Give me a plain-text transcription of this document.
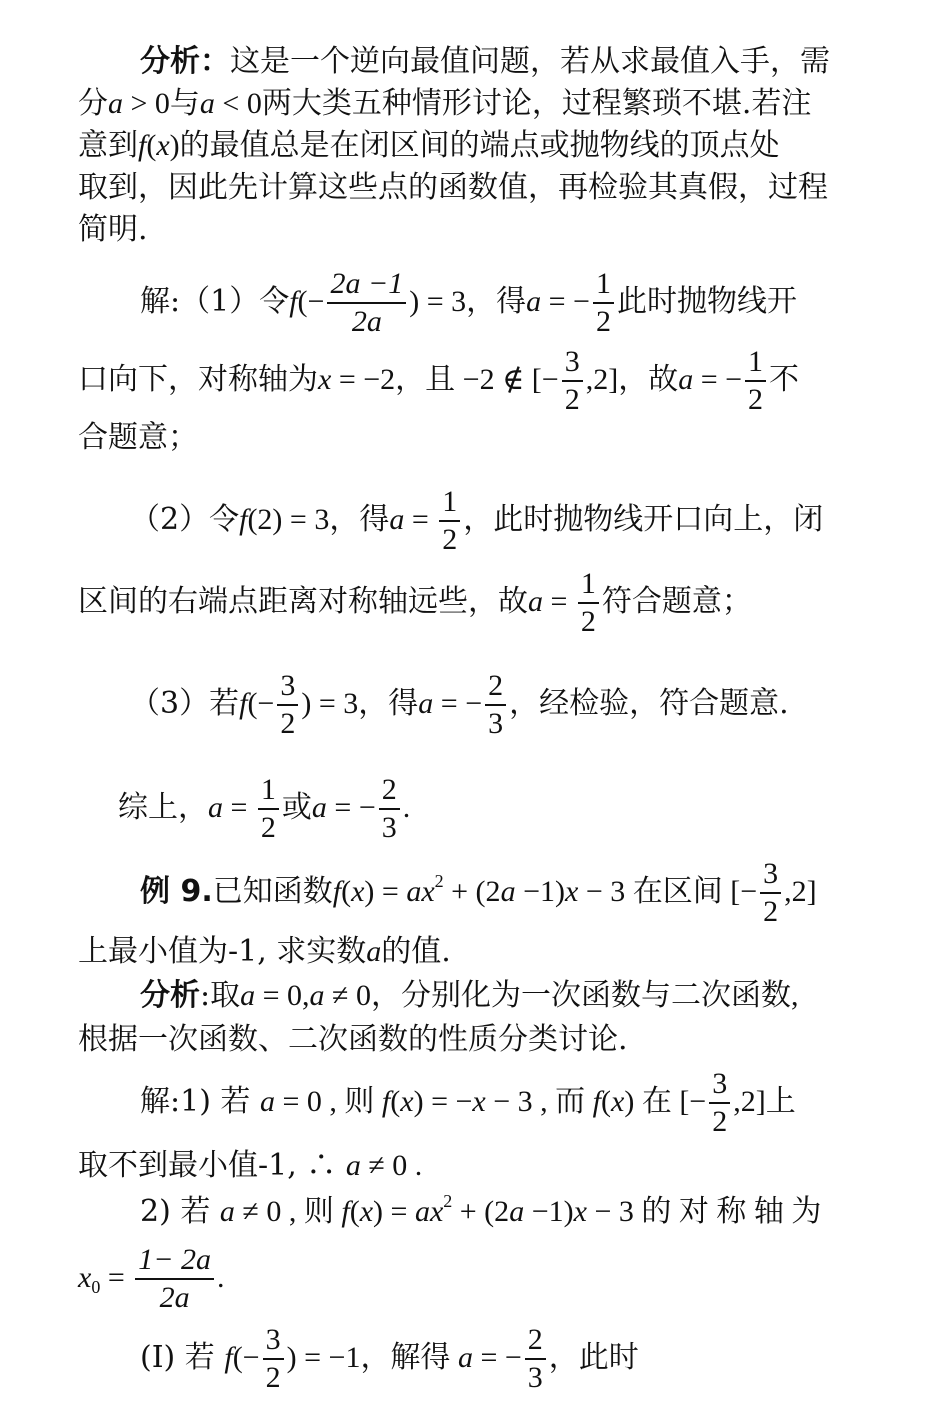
分析：这是一个逆向最值问题，若从求最值入手，需
分a > 0与a < 0两大类五种情形讨论，过程繁琐不堪.若注
意到f(x)的最值总是在闭区间的端点或抛物线的顶点处
取到，因此先计算这些点的函数值，再检验其真假，过程
简明.
解:（1）令$f(- \frac{2a -1}{2a}$ ) = 3，得a = − $\frac{1}{2}$ 此时抛物线开
口向下，对称轴为x = −2，且 −2 ∉ [− $\frac{3}{2} ,2$]，故a = − $\frac{1}{2}$ 不
合题意；
（2）令f(2) = 3，得$a = \frac{1}{2}$ ，此时抛物线开口向上，闭
区间的右端点距离对称轴远些，故$a = \frac{1}{2}$ 符合题意；
（3）若$f(- \frac{3}{2}$ ) = 3，得a = − $\frac{2}{3}$ ，经检验，符合题意.
综上，$a = \frac{1}{2}$ 或a = − $\frac{2}{3}$ .
例 9.已知函数$f(x) = ax^2 + (2a -1)x - 3$ 在区间 [− $\frac{3}{2} ,2$]
上最小值为-1, 求实数a的值.
分析:取a = 0,a ≠ 0，分别化为一次函数与二次函数,
根据一次函数、二次函数的性质分类讨论.
解:1) 若 a = 0 , 则 f(x) = −x − 3 , 而 f(x) 在 [− $\frac{3}{2} ,2$]上
取不到最小值-1, ∴ a ≠ 0 .
2) 若 a ≠ 0 , 则 $f(x) = ax^2 + (2a -1)x - 3$ 的 对 称 轴 为
$x_0 = \frac{1- 2a}{2a}$ .
(Ⅰ) 若 $f(- \frac{3}{2}$ ) = −1，解得 a = − $\frac{2}{3}$ ，此时
